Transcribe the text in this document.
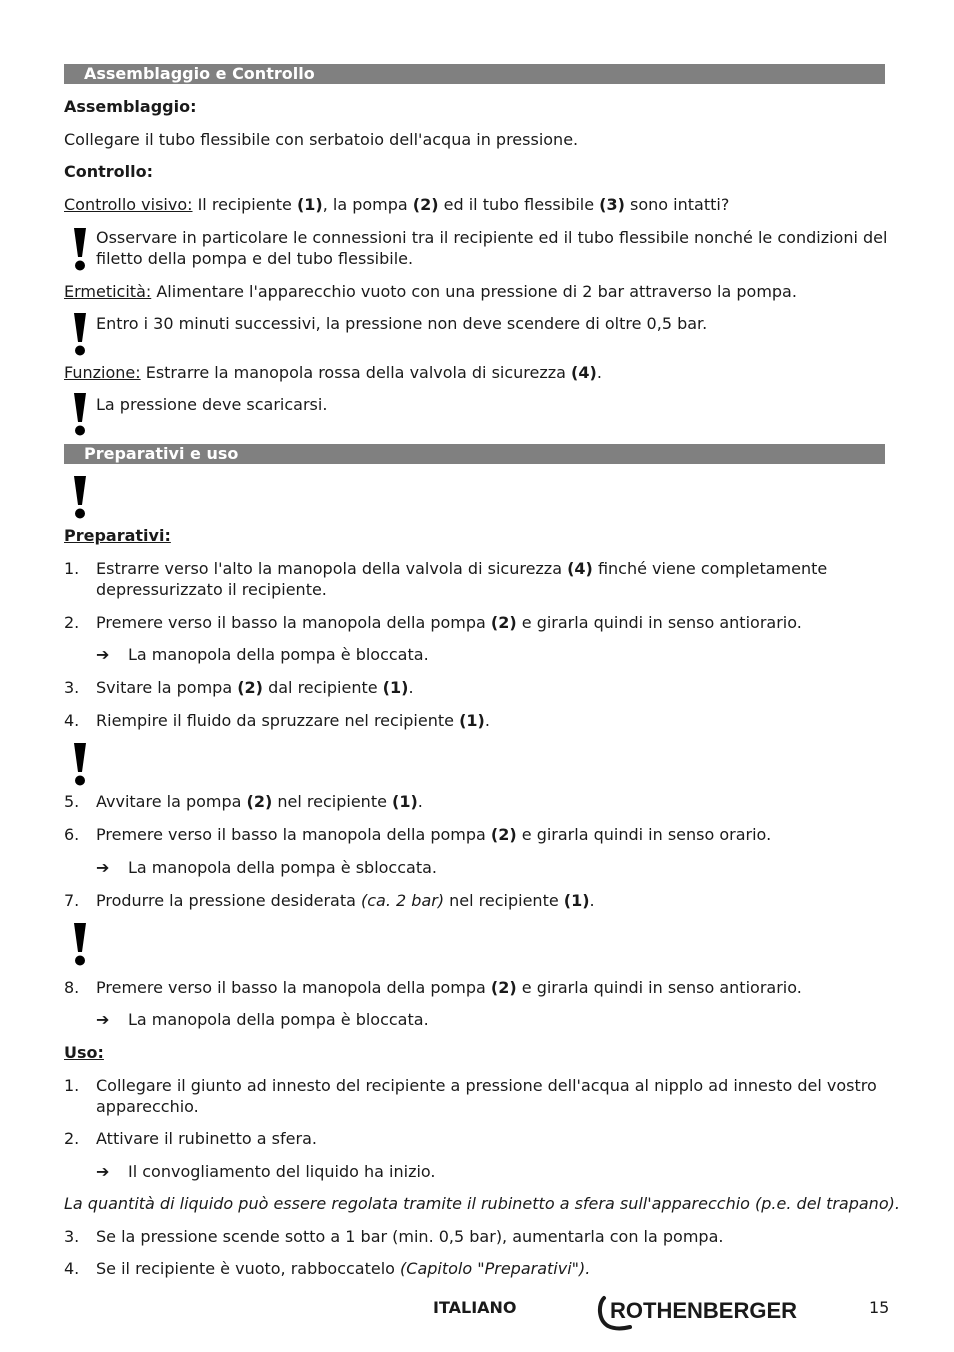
Assemblaggio e Controllo
Assemblaggio:
Collegare il tubo flessibile con serbatoio dell'acqua in pressione.
Controllo:
Controllo visivo: Il recipiente (1), la pompa (2) ed il tubo flessibile (3) sono intatti?
Osservare in particolare le connessioni tra il recipiente ed il tubo flessibile nonché le condizioni del
filetto della pompa e del tubo flessibile.
Ermeticità: Alimentare l'apparecchio vuoto con una pressione di 2 bar attraverso la pompa.
Entro i 30 minuti successivi, la pressione non deve scendere di oltre 0,5 bar.
Funzione: Estrarre la manopola rossa della valvola di sicurezza (4).
La pressione deve scaricarsi.
Preparativi e uso
Preparativi:
1. Estrarre verso l'alto la manopola della valvola di sicurezza (4) finché viene completamente
depressurizzato il recipiente.
2. Premere verso il basso la manopola della pompa (2) e girarla quindi in senso antiorario.
➔ La manopola della pompa è bloccata.
3. Svitare la pompa (2) dal recipiente (1).
4. Riempire il fluido da spruzzare nel recipiente (1).
5. Avvitare la pompa (2) nel recipiente (1).
6. Premere verso il basso la manopola della pompa (2) e girarla quindi in senso orario.
➔ La manopola della pompa è sbloccata.
7. Produrre la pressione desiderata (ca. 2 bar) nel recipiente (1).
8. Premere verso il basso la manopola della pompa (2) e girarla quindi in senso antiorario.
➔ La manopola della pompa è bloccata.
Uso:
1. Collegare il giunto ad innesto del recipiente a pressione dell'acqua al nipplo ad innesto del vostro
apparecchio.
2. Attivare il rubinetto a sfera.
➔ Il convogliamento del liquido ha inizio.
La quantità di liquido può essere regolata tramite il rubinetto a sfera sull'apparecchio (p.e. del trapano).
3. Se la pressione scende sotto a 1 bar (min. 0,5 bar), aumentarla con la pompa.
4. Se il recipiente è vuoto, rabboccatelo (Capitolo "Preparativi").
ITALIANO	ROTHENBERGER	15
